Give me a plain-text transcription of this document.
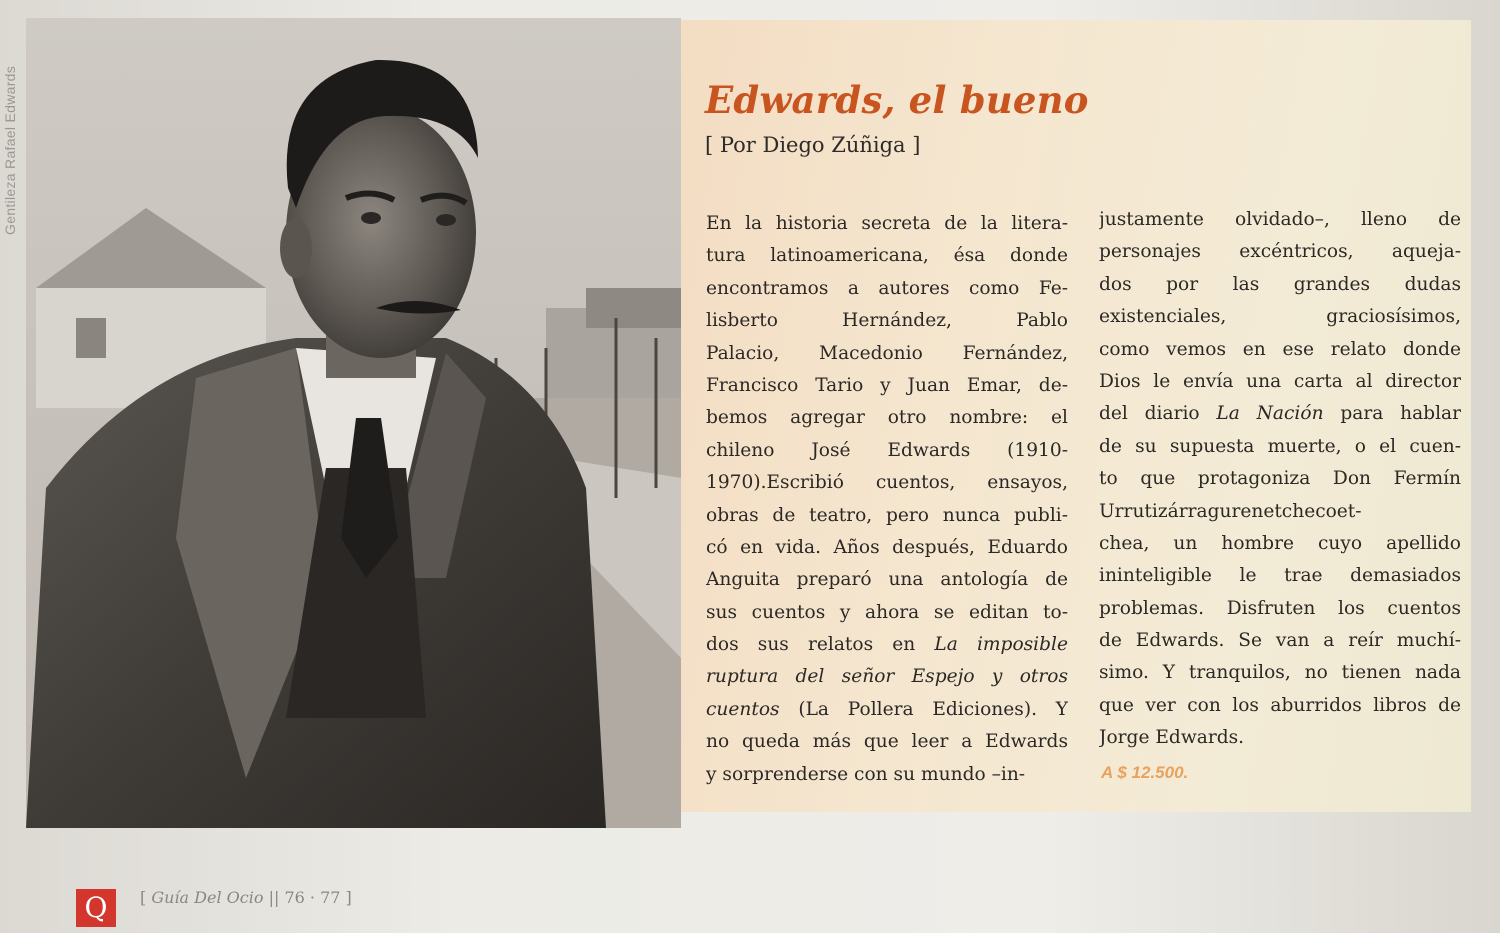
Gentileza Rafael Edwards	Edwards, el bueno
[ Por Diego Zúñiga ]
En la historia secreta de la litera-
tura latinoamericana, ésa donde
encontramos a autores como Fe-
lisberto Hernández, Pablo
Palacio, Macedonio Fernández,
Francisco Tario y Juan Emar, de-
bemos agregar otro nombre: el
chileno José Edwards (1910-
1970).Escribió cuentos, ensayos,
obras de teatro, pero nunca publi-
có en vida. Años después, Eduardo
Anguita preparó una antología de
sus cuentos y ahora se editan to-
dos sus relatos en La imposible
ruptura del señor Espejo y otros
cuentos (La Pollera Ediciones). Y
no queda más que leer a Edwards
y sorprenderse con su mundo –in-
justamente olvidado–, lleno de
personajes excéntricos, aqueja-
dos por las grandes dudas
existenciales, graciosísimos,
como vemos en ese relato donde
Dios le envía una carta al director
del diario La Nación para hablar
de su supuesta muerte, o el cuen-
to que protagoniza Don Fermín
Urrutizárragurenetchecoet-
chea, un hombre cuyo apellido
ininteligible le trae demasiados
problemas. Disfruten los cuentos
de Edwards. Se van a reír muchí-
simo. Y tranquilos, no tienen nada
que ver con los aburridos libros de
Jorge Edwards.
A $ 12.500.
Q	[ Guía Del Ocio || 76 · 77 ]
